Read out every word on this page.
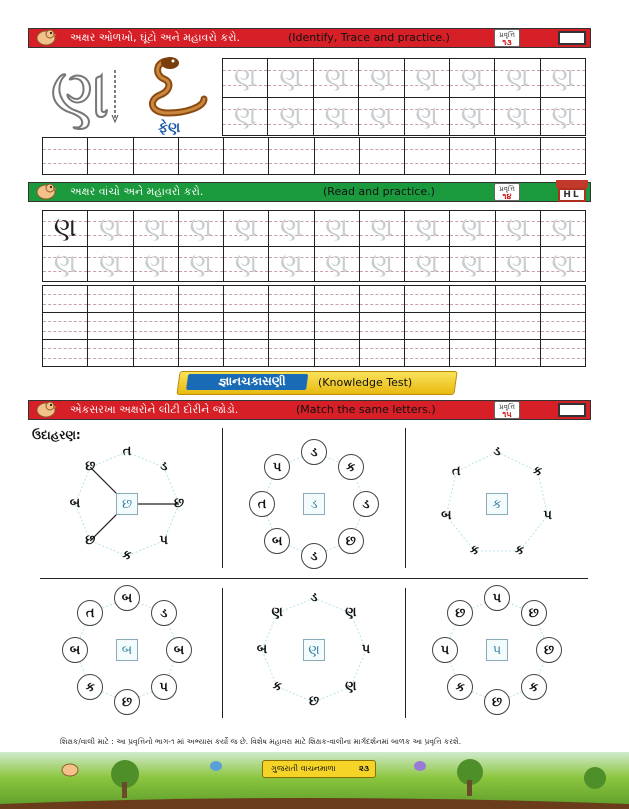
અક્ષર ઓળખો, ઘૂંટો અને મહાવરો કરો.	(Identify, Trace and practice.)	પ્રવૃત્તિ
૧૩	CL
ણ	ફેણ
ણ	ણ	ણ	ણ	ણ	ણ	ણ	ણ

ણ	ણ	ણ	ણ	ણ	ણ	ણ	ણ

અક્ષર વાંચો અને મહાવરો કરો.	(Read and practice.)	પ્રવૃત્તિ
૧૪	HL
ણ	ણ	ણ	ણ	ણ	ણ	ણ	ણ	ણ	ણ	ણ	ણ

ણ	ણ	ણ	ણ	ણ	ણ	ણ	ણ	ણ	ણ	ણ	ણ

જ્ઞાનચકાસણી	(Knowledge Test)
એકસરખા અક્ષરોને લીટી દોરીને જોડો.	(Match the same letters.)	પ્રવૃત્તિ
૧૫	CL
ઉદાહરણ:
ત
ડ
છ
પ
ક
છ
બ
છ
છ
ડ
ક
ડ
છ
ડ
બ
ત
પ
ડ
ડ
ક
પ
ક
ક
બ
ત
ક
બ
ડ
બ
પ
છ
ક
બ
ત
બ
ડ
ણ
પ
ણ
છ
ક
બ
ણ
ણ
પ
છ
છ
ક
છ
ક
પ
છ
પ
શિક્ષક/વાલી માટે : આ પ્રવૃત્તિનો ભાગ-૧ માં અભ્યાસ કર્યો જ છે. વિશેષ મહાવરા માટે શિક્ષક-વાલીના માર્ગદર્શનમાં બાળક આ પ્રવૃત્તિ કરશે.
ગુજરાતી વાચનમાળા	૨૩
